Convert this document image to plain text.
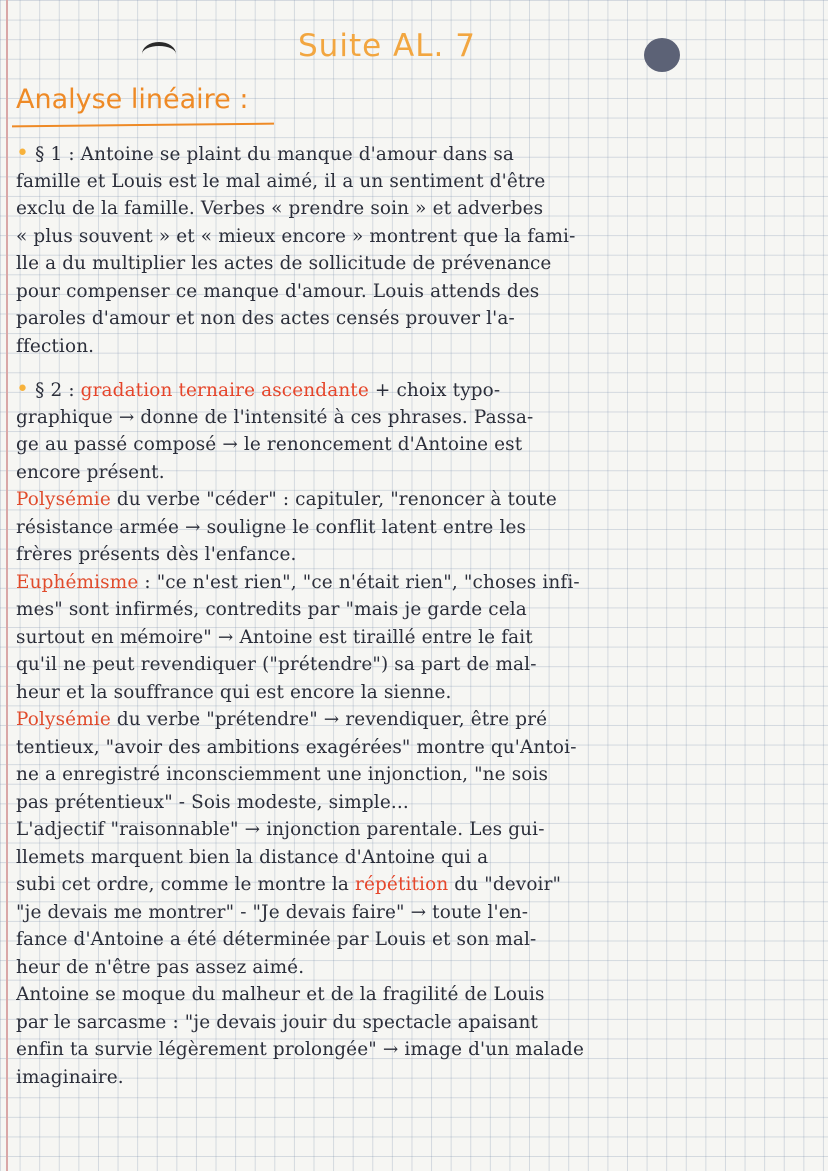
Suite AL. 7
Analyse linéaire :
• § 1 : Antoine se plaint du manque d'amour dans sa
famille et Louis est le mal aimé, il a un sentiment d'être
exclu de la famille. Verbes « prendre soin » et adverbes
« plus souvent » et « mieux encore » montrent que la fami-
lle a du multiplier les actes de sollicitude de prévenance
pour compenser ce manque d'amour. Louis attends des
paroles d'amour et non des actes censés prouver l'a-
ffection.
• § 2 : gradation ternaire ascendante + choix typo-
graphique → donne de l'intensité à ces phrases. Passa-
ge au passé composé → le renoncement d'Antoine est
encore présent.
Polysémie du verbe "céder" : capituler, "renoncer à toute
résistance armée → souligne le conflit latent entre les
frères présents dès l'enfance.
Euphémisme : "ce n'est rien", "ce n'était rien", "choses infi-
mes" sont infirmés, contredits par "mais je garde cela
surtout en mémoire" → Antoine est tiraillé entre le fait
qu'il ne peut revendiquer ("prétendre") sa part de mal-
heur et la souffrance qui est encore la sienne.
Polysémie du verbe "prétendre" → revendiquer, être pré
tentieux, "avoir des ambitions exagérées" montre qu'Antoi-
ne a enregistré inconsciemment une injonction, "ne sois
pas prétentieux" - Sois modeste, simple...
L'adjectif "raisonnable" → injonction parentale. Les gui-
llemets marquent bien la distance d'Antoine qui a
subi cet ordre, comme le montre la répétition du "devoir"
"je devais me montrer" - "Je devais faire" → toute l'en-
fance d'Antoine a été déterminée par Louis et son mal-
heur de n'être pas assez aimé.
Antoine se moque du malheur et de la fragilité de Louis
par le sarcasme : "je devais jouir du spectacle apaisant
enfin ta survie légèrement prolongée" → image d'un malade
imaginaire.
